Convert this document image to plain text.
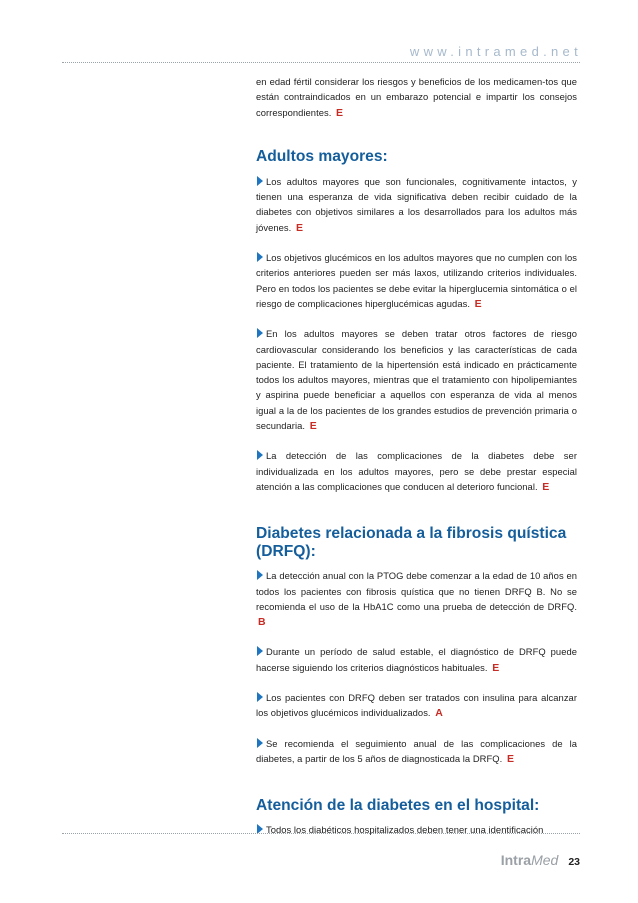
www.intramed.net

en edad fértil considerar los riesgos y beneficios de los medicamen-tos que están contraindicados en un embarazo potencial e impartir los consejos correspondientes. E

Adultos mayores:

Los adultos mayores que son funcionales, cognitivamente intactos, y tienen una esperanza de vida significativa deben recibir cuidado de la diabetes con objetivos similares a los desarrollados para los adultos más jóvenes. E

Los objetivos glucémicos en los adultos mayores que no cumplen con los criterios anteriores pueden ser más laxos, utilizando criterios individuales. Pero en todos los pacientes se debe evitar la hiperglucemia sintomática o el riesgo de complicaciones hiperglucémicas agudas. E

En los adultos mayores se deben tratar otros factores de riesgo cardiovascular considerando los beneficios y las características de cada paciente. El tratamiento de la hipertensión está indicado en prácticamente todos los adultos mayores, mientras que el tratamiento con hipolipemiantes y aspirina puede beneficiar a aquellos con esperanza de vida al menos igual a la de los pacientes de los grandes estudios de prevención primaria o secundaria. E

La detección de las complicaciones de la diabetes debe ser individualizada en los adultos mayores, pero se debe prestar especial atención a las complicaciones que conducen al deterioro funcional. E

Diabetes relacionada a la fibrosis quística (DRFQ):

La detección anual con la PTOG debe comenzar a la edad de 10 años en todos los pacientes con fibrosis quística que no tienen DRFQ B. No se recomienda el uso de la HbA1C como una prueba de detección de DRFQ. B

Durante un período de salud estable, el diagnóstico de DRFQ puede hacerse siguiendo los criterios diagnósticos habituales. E

Los pacientes con DRFQ deben ser tratados con insulina para alcanzar los objetivos glucémicos individualizados. A

Se recomienda el seguimiento anual de las complicaciones de la diabetes, a partir de los 5 años de diagnosticada la DRFQ. E

Atención de la diabetes en el hospital:

Todos los diabéticos hospitalizados deben tener una identificación

IntraMed 23
